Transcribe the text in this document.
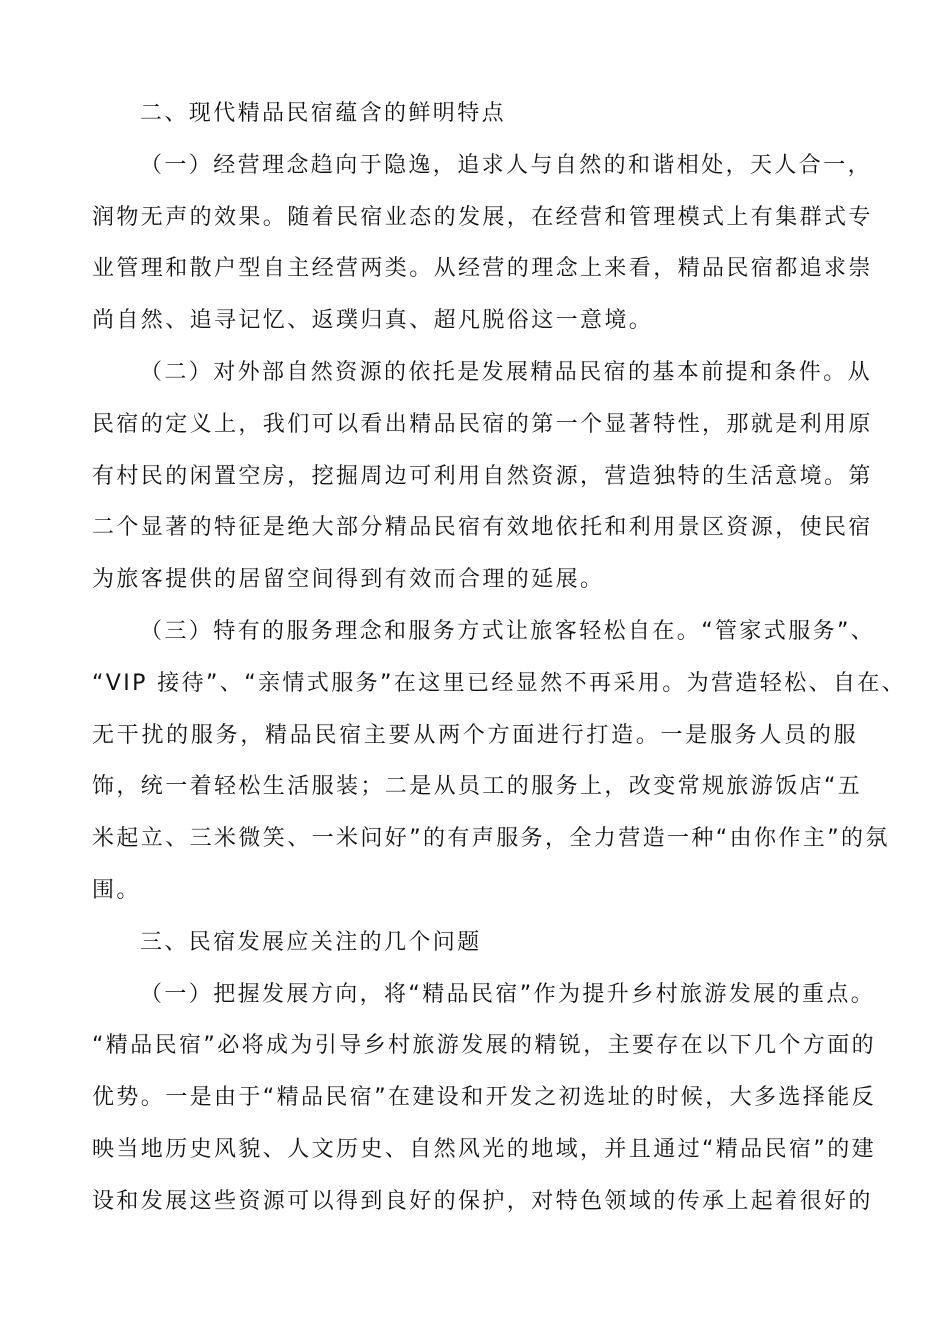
二、现代精品民宿蕴含的鲜明特点
（一）经营理念趋向于隐逸，追求人与自然的和谐相处，天人合一，
润物无声的效果。随着民宿业态的发展，在经营和管理模式上有集群式专
业管理和散户型自主经营两类。从经营的理念上来看，精品民宿都追求崇
尚自然、追寻记忆、返璞归真、超凡脱俗这一意境。
（二）对外部自然资源的依托是发展精品民宿的基本前提和条件。从
民宿的定义上，我们可以看出精品民宿的第一个显著特性，那就是利用原
有村民的闲置空房，挖掘周边可利用自然资源，营造独特的生活意境。第
二个显著的特征是绝大部分精品民宿有效地依托和利用景区资源，使民宿
为旅客提供的居留空间得到有效而合理的延展。
（三）特有的服务理念和服务方式让旅客轻松自在。“管家式服务”、
“VIP 接待”、“亲情式服务”在这里已经显然不再采用。为营造轻松、自在、
无干扰的服务，精品民宿主要从两个方面进行打造。一是服务人员的服
饰，统一着轻松生活服装；二是从员工的服务上，改变常规旅游饭店“五
米起立、三米微笑、一米问好”的有声服务，全力营造一种“由你作主”的氛
围。
三、民宿发展应关注的几个问题
（一）把握发展方向，将“精品民宿”作为提升乡村旅游发展的重点。
“精品民宿”必将成为引导乡村旅游发展的精锐，主要存在以下几个方面的
优势。一是由于“精品民宿”在建设和开发之初选址的时候，大多选择能反
映当地历史风貌、人文历史、自然风光的地域，并且通过“精品民宿”的建
设和发展这些资源可以得到良好的保护，对特色领域的传承上起着很好的
